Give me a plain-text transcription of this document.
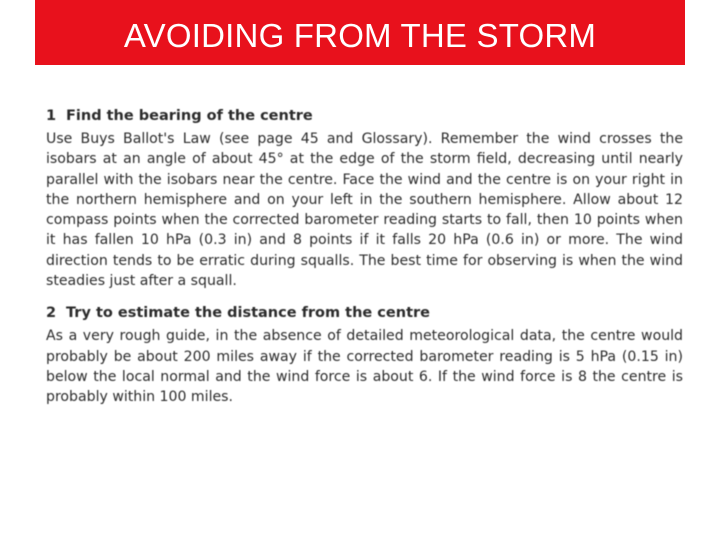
AVOIDING FROM THE STORM

1 Find the bearing of the centre

Use Buys Ballot's Law (see page 45 and Glossary). Remember the wind crosses the isobars at an angle of about 45° at the edge of the storm field, decreasing until nearly parallel with the isobars near the centre. Face the wind and the centre is on your right in the northern hemisphere and on your left in the southern hemisphere. Allow about 12 compass points when the corrected barometer reading starts to fall, then 10 points when it has fallen 10 hPa (0.3 in) and 8 points if it falls 20 hPa (0.6 in) or more. The wind direction tends to be erratic during squalls. The best time for observing is when the wind steadies just after a squall.

2 Try to estimate the distance from the centre

As a very rough guide, in the absence of detailed meteorological data, the centre would probably be about 200 miles away if the corrected barometer reading is 5 hPa (0.15 in) below the local normal and the wind force is about 6. If the wind force is 8 the centre is probably within 100 miles.
